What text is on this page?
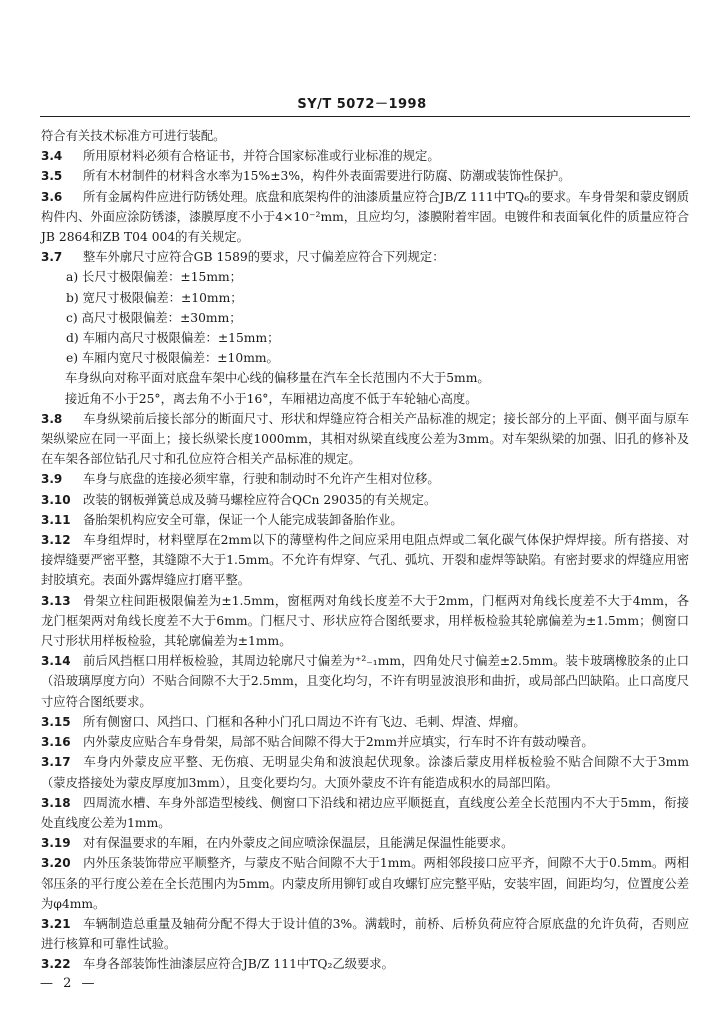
SY/T 5072－1998

符合有关技术标准方可进行装配。

3.4 所用原材料必须有合格证书，并符合国家标准或行业标准的规定。

3.5 所有木材制件的材料含水率为15%±3%，构件外表面需要进行防腐、防潮或装饰性保护。

3.6 所有金属构件应进行防锈处理。底盘和底架构件的油漆质量应符合JB/Z 111中TQ₆的要求。车身骨架和蒙皮钢质构件内、外面应涂防锈漆，漆膜厚度不小于4×10⁻²mm，且应均匀，漆膜附着牢固。电镀件和表面氧化件的质量应符合JB 2864和ZB T04 004的有关规定。

3.7 整车外廓尺寸应符合GB 1589的要求，尺寸偏差应符合下列规定：

a) 长尺寸极限偏差：±15mm；

b) 宽尺寸极限偏差：±10mm；

c) 高尺寸极限偏差：±30mm；

d) 车厢内高尺寸极限偏差：±15mm；

e) 车厢内宽尺寸极限偏差：±10mm。

车身纵向对称平面对底盘车架中心线的偏移量在汽车全长范围内不大于5mm。

接近角不小于25°，离去角不小于16°，车厢裙边高度不低于车轮轴心高度。

3.8 车身纵梁前后接长部分的断面尺寸、形状和焊缝应符合相关产品标准的规定；接长部分的上平面、侧平面与原车架纵梁应在同一平面上；接长纵梁长度1000mm，其相对纵梁直线度公差为3mm。对车架纵梁的加强、旧孔的修补及在车架各部位钻孔尺寸和孔位应符合相关产品标准的规定。

3.9 车身与底盘的连接必须牢靠，行驶和制动时不允许产生相对位移。

3.10 改装的钢板弹簧总成及骑马螺栓应符合QCn 29035的有关规定。

3.11 备胎架机构应安全可靠，保证一个人能完成装卸备胎作业。

3.12 车身组焊时，材料壁厚在2mm以下的薄壁构件之间应采用电阻点焊或二氧化碳气体保护焊焊接。所有搭接、对接焊缝要严密平整，其缝隙不大于1.5mm。不允许有焊穿、气孔、弧坑、开裂和虚焊等缺陷。有密封要求的焊缝应用密封胶填充。表面外露焊缝应打磨平整。

3.13 骨架立柱间距极限偏差为±1.5mm，窗框两对角线长度差不大于2mm，门框两对角线长度差不大于4mm，各龙门框架两对角线长度差不大于6mm。门框尺寸、形状应符合图纸要求，用样板检验其轮廓偏差为±1.5mm；侧窗口尺寸形状用样板检验，其轮廓偏差为±1mm。

3.14 前后风挡框口用样板检验，其周边轮廓尺寸偏差为⁺²₋₁mm，四角处尺寸偏差±2.5mm。装卡玻璃橡胶条的止口（沿玻璃厚度方向）不贴合间隙不大于2.5mm，且变化均匀，不许有明显波浪形和曲折，或局部凸凹缺陷。止口高度尺寸应符合图纸要求。

3.15 所有侧窗口、风挡口、门框和各种小门孔口周边不许有飞边、毛刺、焊渣、焊瘤。

3.16 内外蒙皮应贴合车身骨架，局部不贴合间隙不得大于2mm并应填实，行车时不许有鼓动噪音。

3.17 车身内外蒙皮应平整、无伤痕、无明显尖角和波浪起伏现象。涂漆后蒙皮用样板检验不贴合间隙不大于3mm（蒙皮搭接处为蒙皮厚度加3mm），且变化要均匀。大顶外蒙皮不许有能造成积水的局部凹陷。

3.18 四周流水槽、车身外部造型棱线、侧窗口下沿线和裙边应平顺挺直，直线度公差全长范围内不大于5mm，衔接处直线度公差为1mm。

3.19 对有保温要求的车厢，在内外蒙皮之间应喷涂保温层，且能满足保温性能要求。

3.20 内外压条装饰带应平顺整齐，与蒙皮不贴合间隙不大于1mm。两相邻段接口应平齐，间隙不大于0.5mm。两相邻压条的平行度公差在全长范围内为5mm。内蒙皮所用铆钉或自攻螺钉应完整平贴，安装牢固，间距均匀，位置度公差为φ4mm。

3.21 车辆制造总重量及轴荷分配不得大于设计值的3%。满载时，前桥、后桥负荷应符合原底盘的允许负荷，否则应进行核算和可靠性试验。

3.22 车身各部装饰性油漆层应符合JB/Z 111中TQ₂乙级要求。

— 2 —
